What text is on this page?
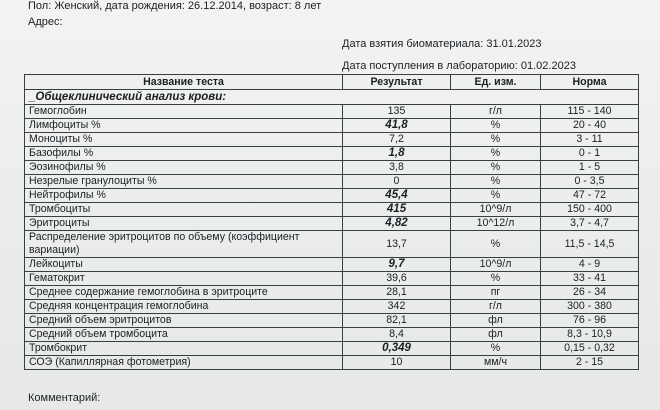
Пол: Женский, дата рождения: 26.12.2014, возраст: 8 лет
Адрес:
Дата взятия биоматериала: 31.01.2023
Дата поступления в лабораторию: 01.02.2023
Название теста	Результат	Ед. изм.	Норма
_Общеклинический анализ крови:			
Гемоглобин	135	г/л	115 - 140
Лимфоциты %	41,8	%	20 - 40
Моноциты %	7,2	%	3 - 11
Базофилы %	1,8	%	0 - 1
Эозинофилы %	3,8	%	1 - 5
Незрелые гранулоциты %	0	%	0 - 3,5
Нейтрофилы %	45,4	%	47 - 72
Тромбоциты	415	10^9/л	150 - 400
Эритроциты	4,82	10^12/л	3,7 - 4,7
Распределение эритроцитов по объему (коэффициент вариации)	13,7	%	11,5 - 14,5
Лейкоциты	9,7	10^9/л	4 - 9
Гематокрит	39,6	%	33 - 41
Среднее содержание гемоглобина в эритроците	28,1	пг	26 - 34
Средняя концентрация гемоглобина	342	г/л	300 - 380
Средний объем эритроцитов	82,1	фл	76 - 96
Средний объем тромбоцита	8,4	фл	8,3 - 10,9
Тромбокрит	0,349	%	0,15 - 0,32
СОЭ (Капиллярная фотометрия)	10	мм/ч	2 - 15
Комментарий:
